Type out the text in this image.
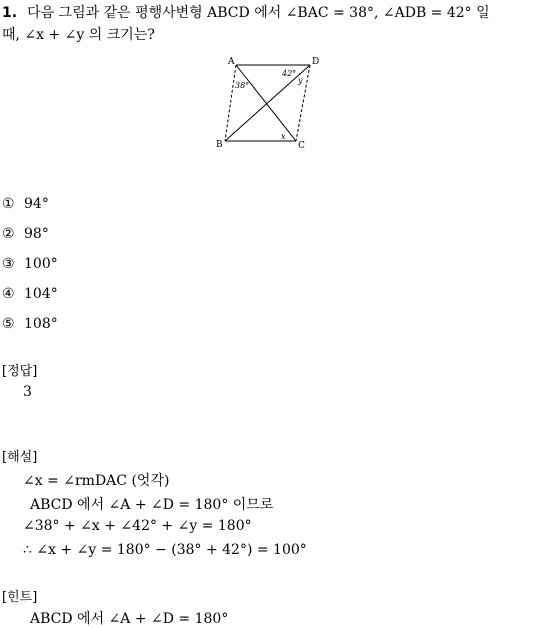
1. 다음 그림과 같은 평행사변형 ABCD 에서 ∠BAC = 38°, ∠ADB = 42° 일
때, ∠x + ∠y 의 크기는?
A	D
B	C
38°
42°
y
x
① 94°
② 98°
③ 100°
④ 104°
⑤ 108°
[정답]
3
[해설]
∠x = ∠rmDAC (엇각)
ABCD 에서 ∠A + ∠D = 180° 이므로
∠38° + ∠x + ∠42° + ∠y = 180°
∴ ∠x + ∠y = 180° − (38° + 42°) = 100°
[힌트]
ABCD 에서 ∠A + ∠D = 180°
